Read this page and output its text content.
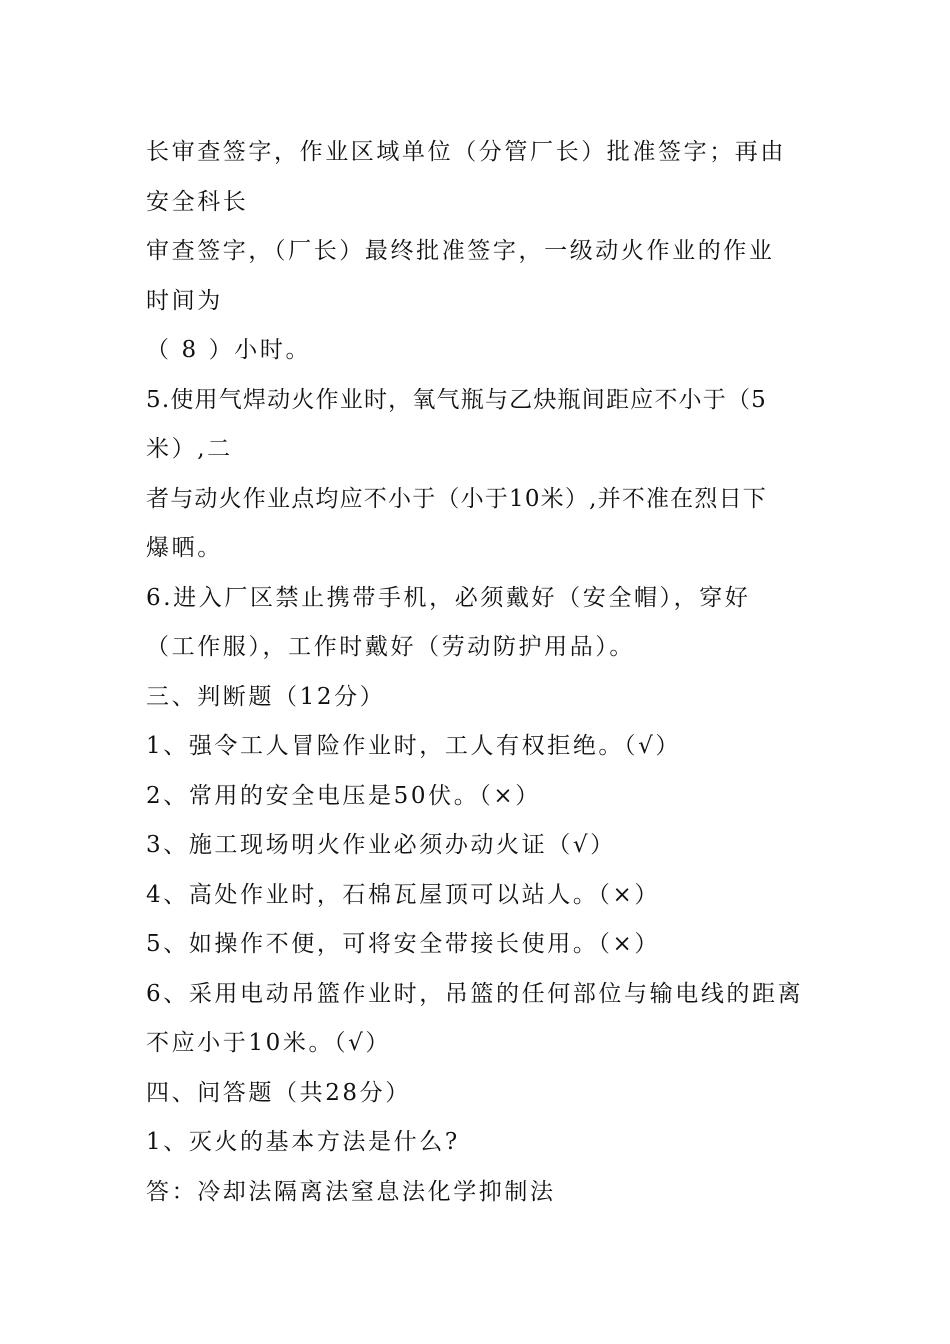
长审查签字，作业区域单位（分管厂长）批准签字；再由
安全科长
审查签字，（厂长）最终批准签字，一级动火作业的作业
时间为
（ 8 ）小时。
5.使用气焊动火作业时，氧气瓶与乙炔瓶间距应不小于（5
米）,二
者与动火作业点均应不小于（小于10米）,并不准在烈日下
爆晒。
6.进入厂区禁止携带手机，必须戴好（安全帽），穿好
（工作服），工作时戴好（劳动防护用品）。
三、判断题（12分）
1、强令工人冒险作业时，工人有权拒绝。（√）
2、常用的安全电压是50伏。（×）
3、施工现场明火作业必须办动火证（√）
4、高处作业时，石棉瓦屋顶可以站人。（×）
5、如操作不便，可将安全带接长使用。（×）
6、采用电动吊篮作业时，吊篮的任何部位与输电线的距离
不应小于10米。（√）
四、问答题（共28分）
1、灭火的基本方法是什么?
答：冷却法隔离法窒息法化学抑制法
